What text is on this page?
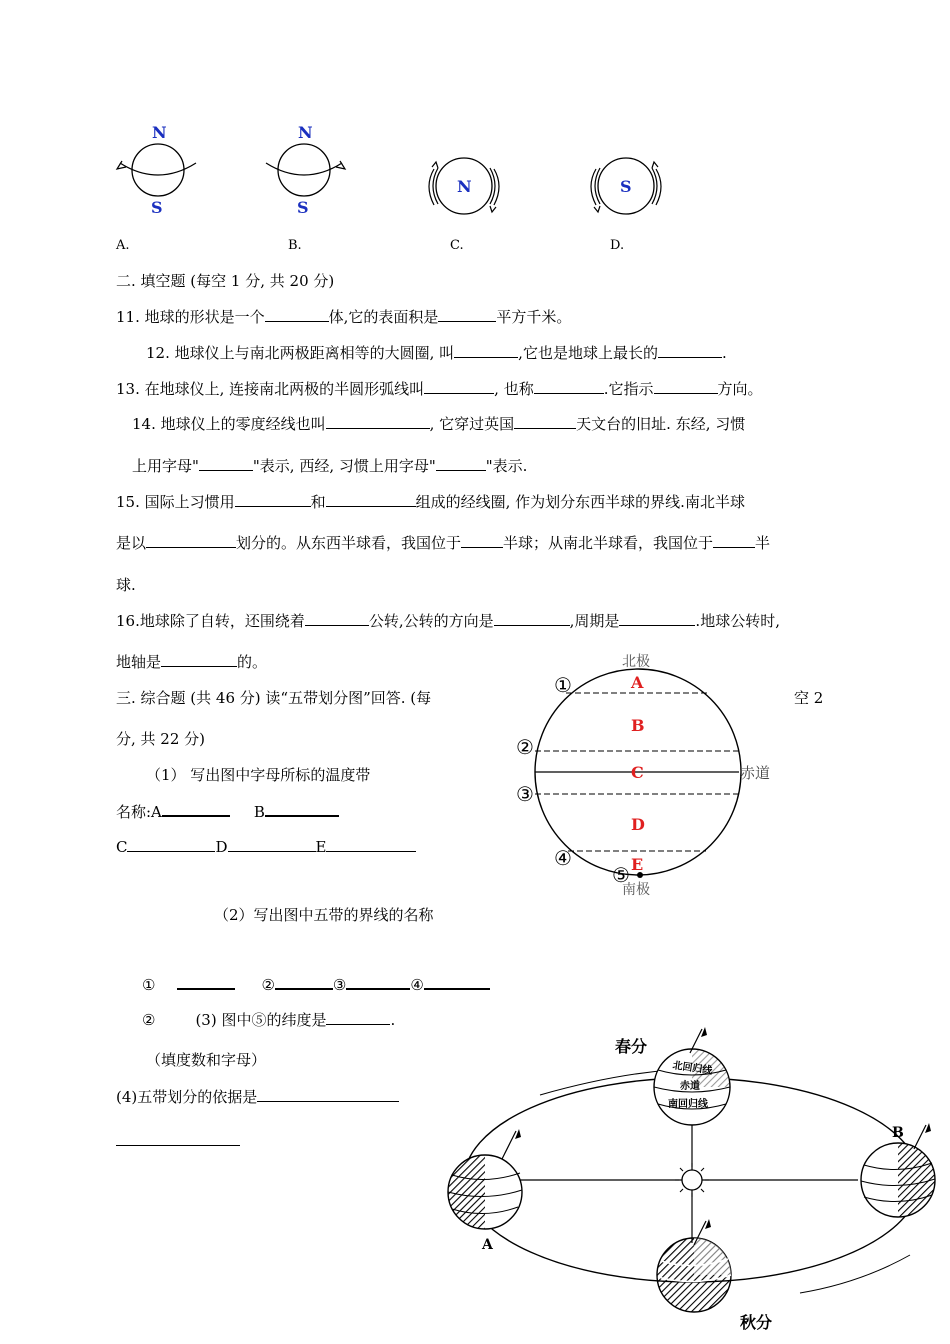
N
S
N
S
N	S
A.	B.	C.	D.
二. 填空题 (每空 1 分, 共 20 分)
11. 地球的形状是一个	体,它的表面积是	平方千米。
12. 地球仪上与南北两极距离相等的大圆圈, 叫	,它也是地球上最长的	.
13. 在地球仪上, 连接南北两极的半圆形弧线叫	, 也称	.它指示	方向。
14. 地球仪上的零度经线也叫	, 它穿过英国	天文台的旧址. 东经, 习惯
上用字母"	"表示, 西经, 习惯上用字母"	"表示.
15. 国际上习惯用	和	组成的经线圈, 作为划分东西半球的界线.南北半球
是以	划分的。从东西半球看，我国位于	半球；从南北半球看，我国位于	半
球.
16.地球除了自转，还围绕着	公转,公转的方向是	,周期是	.地球公转时,
地轴是	的。
三. 综合题 (共 46 分) 读“五带划分图”回答. (每	空 2
分, 共 22 分)
（1） 写出图中字母所标的温度带
名称:A	B
C	D	E
（2）写出图中五带的界线的名称
①	②	③	④
②	(3) 图中⑤的纬度是	.
（填度数和字母）
(4)五带划分的依据是
北极
南极
赤道
A
B
C
D
E
①
②
③
④
⑤
北回归线
赤道
南回归线
春分
A
B
秋分
